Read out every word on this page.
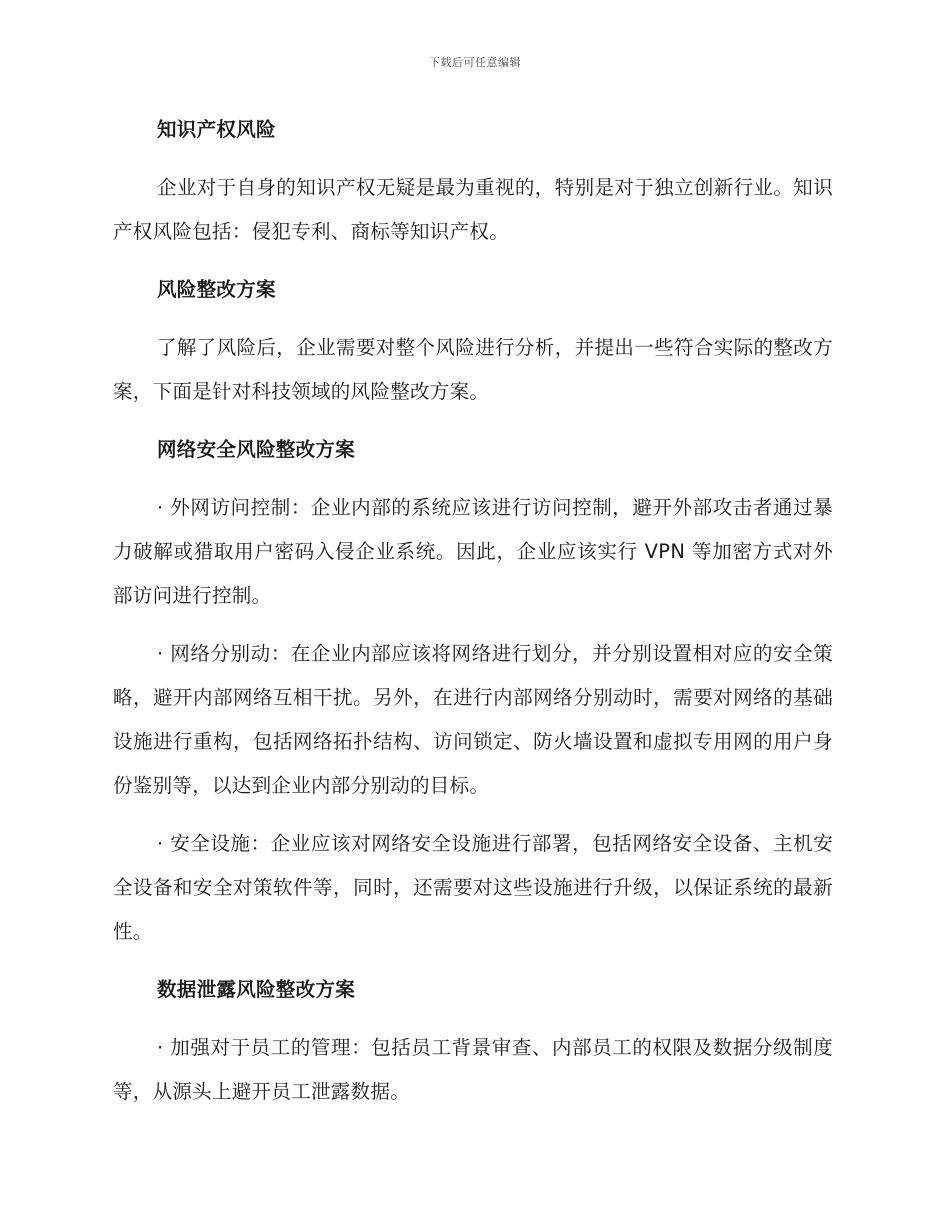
下载后可任意编辑
知识产权风险
企业对于自身的知识产权无疑是最为重视的，特别是对于独立创新行业。知识产权风险包括：侵犯专利、商标等知识产权。
风险整改方案
了解了风险后，企业需要对整个风险进行分析，并提出一些符合实际的整改方案，下面是针对科技领域的风险整改方案。
网络安全风险整改方案
· 外网访问控制：企业内部的系统应该进行访问控制，避开外部攻击者通过暴力破解或猎取用户密码入侵企业系统。因此，企业应该实行 VPN 等加密方式对外部访问进行控制。
· 网络分别动：在企业内部应该将网络进行划分，并分别设置相对应的安全策略，避开内部网络互相干扰。另外，在进行内部网络分别动时，需要对网络的基础设施进行重构，包括网络拓扑结构、访问锁定、防火墙设置和虚拟专用网的用户身份鉴别等，以达到企业内部分别动的目标。
· 安全设施：企业应该对网络安全设施进行部署，包括网络安全设备、主机安全设备和安全对策软件等，同时，还需要对这些设施进行升级，以保证系统的最新性。
数据泄露风险整改方案
· 加强对于员工的管理：包括员工背景审查、内部员工的权限及数据分级制度等，从源头上避开员工泄露数据。
